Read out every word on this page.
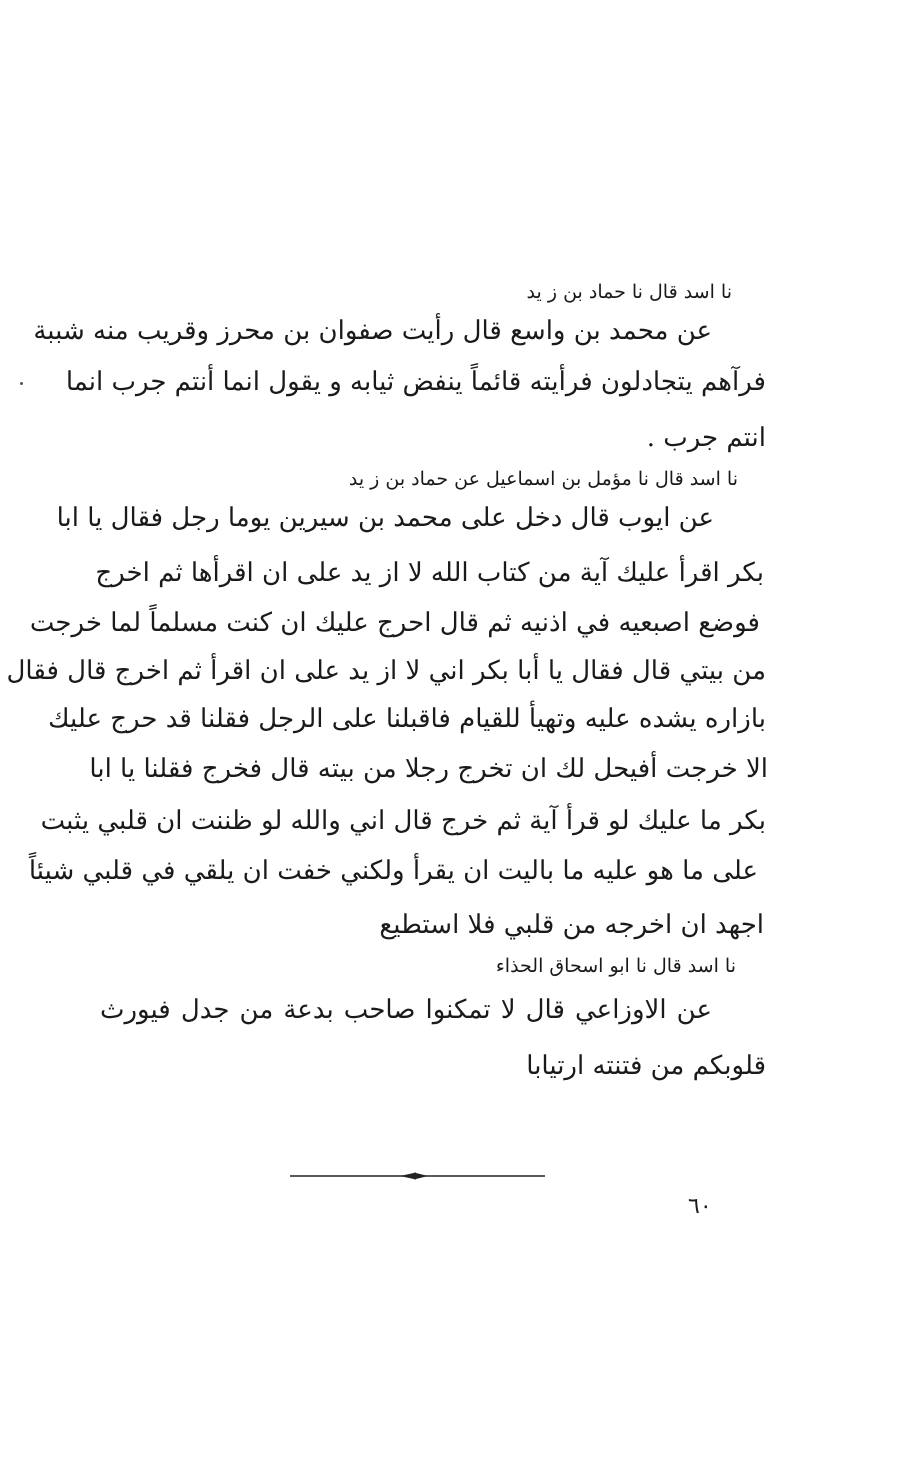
نا اسد قال نا حماد بن ز يد
عن محمد بن واسع قال رأيت صفوان بن محرز وقريب منه شببة
فرآهم يتجادلون فرأيته قائماً ينفض ثيابه و يقول انما أنتم جرب انما
انتم جرب .
نا اسد قال نا مؤمل بن اسماعيل عن حماد بن ز يد
عن ايوب قال دخل على محمد بن سيرين يوما رجل فقال يا ابا
بكر اقرأ عليك آية من كتاب الله لا از يد على ان اقرأها ثم اخرج
فوضع اصبعيه في اذنيه ثم قال احرج عليك ان كنت مسلماً لما خرجت
من بيتي قال فقال يا أبا بكر اني لا از يد على ان اقرأ ثم اخرج قال فقال
بازاره يشده عليه وتهيأ للقيام فاقبلنا على الرجل فقلنا قد حرج عليك
الا خرجت أفيحل لك ان تخرج رجلا من بيته قال فخرج فقلنا يا ابا
بكر ما عليك لو قرأ آية ثم خرج قال اني والله لو ظننت ان قلبي يثبت
على ما هو عليه ما باليت ان يقرأ ولكني خفت ان يلقي في قلبي شيئاً
اجهد ان اخرجه من قلبي فلا استطيع
نا اسد قال نا ابو اسحاق الحذاء
عن الاوزاعي قال لا تمكنوا صاحب بدعة من جدل فيورث
قلوبكم من فتنته ارتيابا
٦٠
